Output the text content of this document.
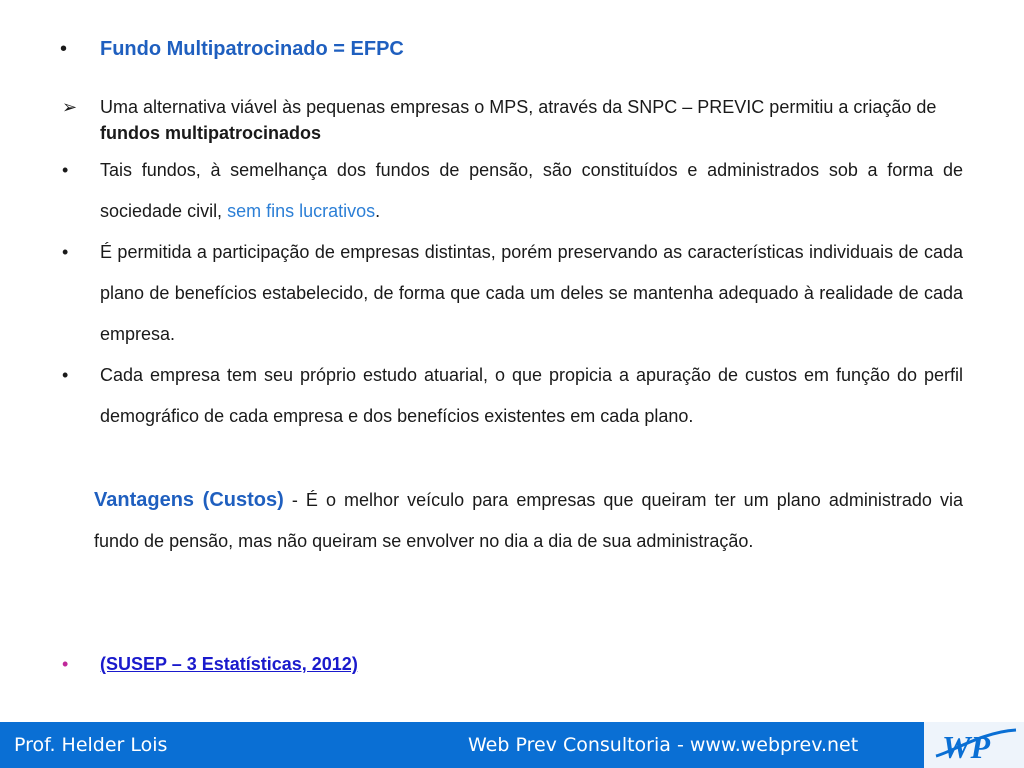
• Fundo Multipatrocinado = EFPC
➢ Uma alternativa viável às pequenas empresas o MPS, através da SNPC – PREVIC permitiu a criação de fundos multipatrocinados
• Tais fundos, à semelhança dos fundos de pensão, são constituídos e administrados sob a forma de sociedade civil, sem fins lucrativos.
• É permitida a participação de empresas distintas, porém preservando as características individuais de cada plano de benefícios estabelecido, de forma que cada um deles se mantenha adequado à realidade de cada empresa.
• Cada empresa tem seu próprio estudo atuarial, o que propicia a apuração de custos em função do perfil demográfico de cada empresa e dos benefícios existentes em cada plano.
Vantagens (Custos) - É o melhor veículo para empresas que queiram ter um plano administrado via fundo de pensão, mas não queiram se envolver no dia a dia de sua administração.
• (SUSEP – 3 Estatísticas, 2012)
Prof. Helder Lois	Web Prev Consultoria - www.webprev.net	WP
